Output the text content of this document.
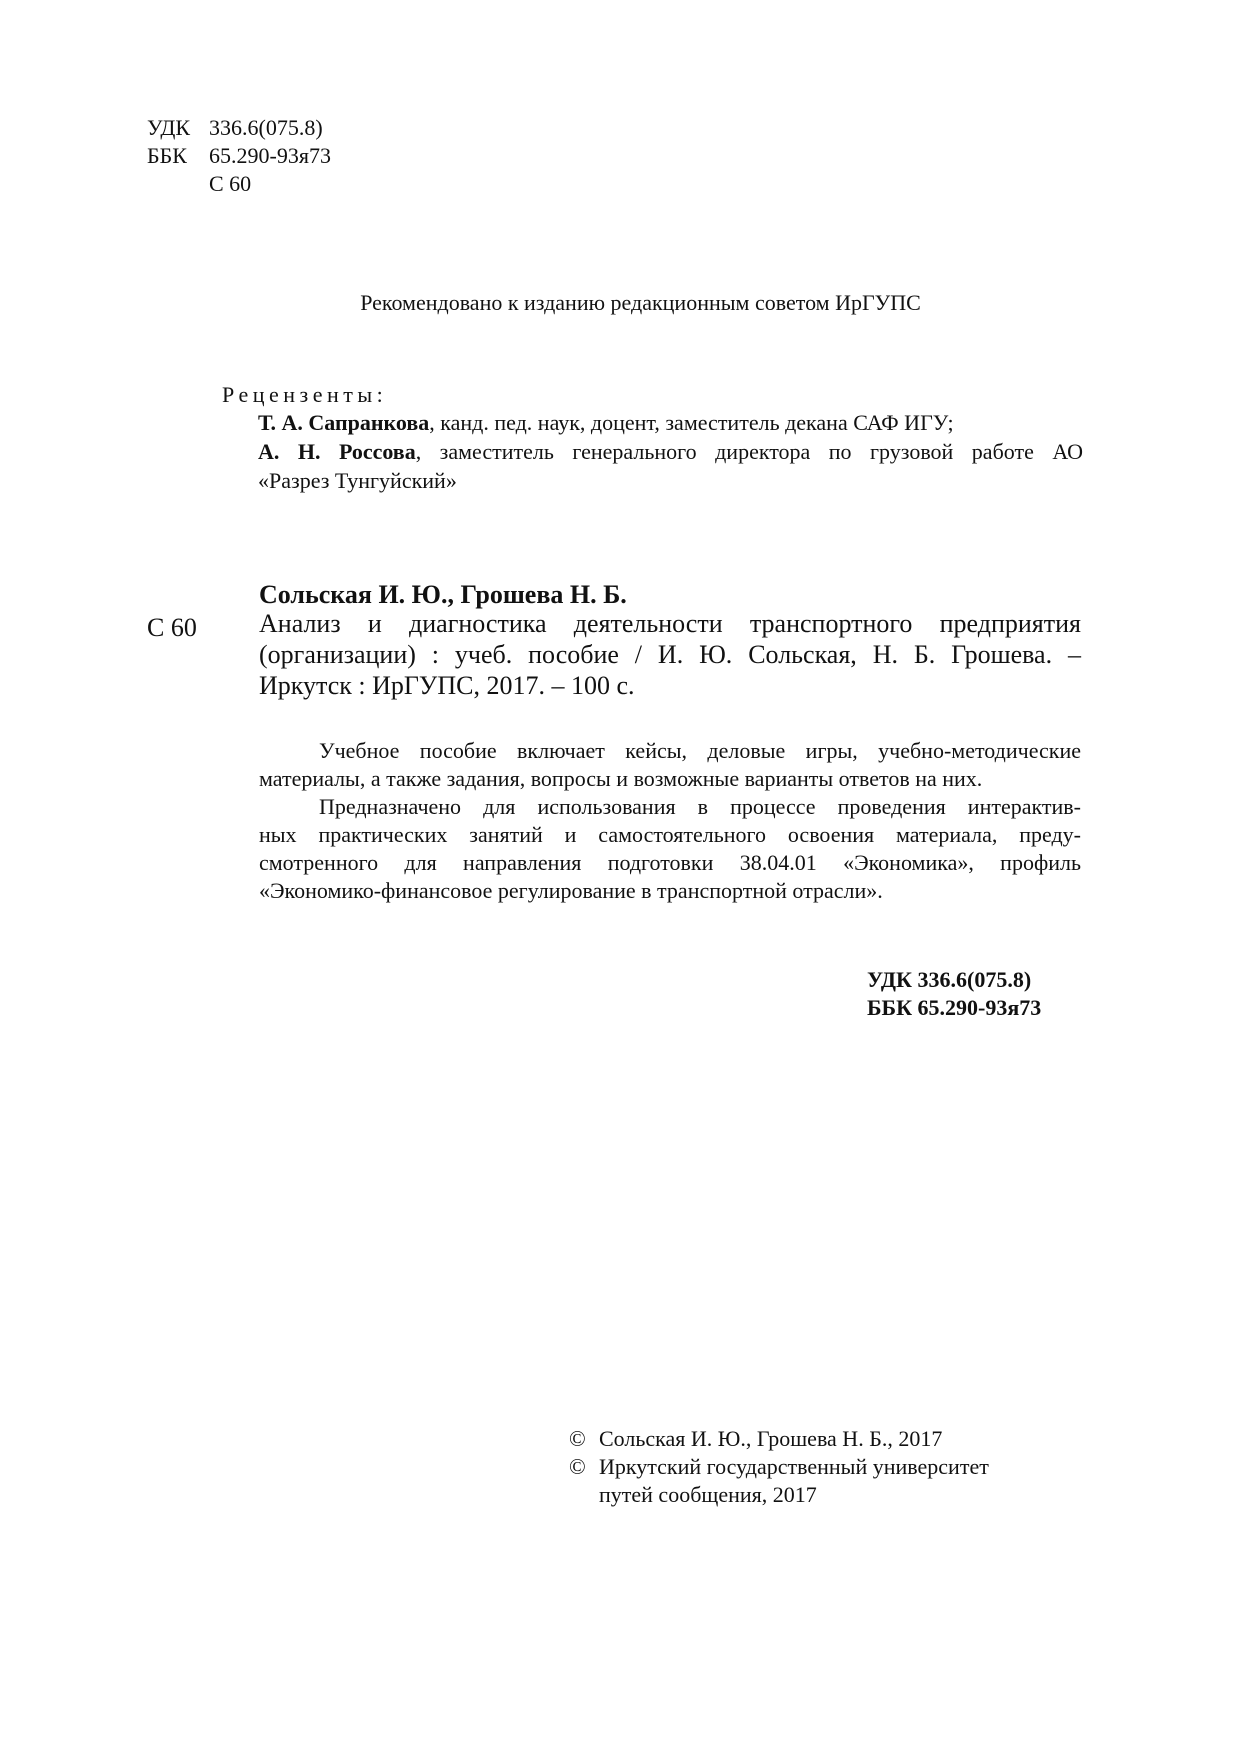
УДК 336.6(075.8)
ББК	65.290-93я73
С 60
Рекомендовано к изданию редакционным советом ИрГУПС
Рецензенты:
Т. А. Сапранкова, канд. пед. наук, доцент, заместитель декана САФ ИГУ;
А. Н. Россова, заместитель генерального директора по грузовой работе АО
«Разрез Тунгуйский»
Сольская И. Ю., Грошева Н. Б.
С 60 Анализ и диагностика деятельности транспортного предприятия
(организации) : учеб. пособие / И. Ю. Сольская, Н. Б. Грошева. –
Иркутск : ИрГУПС, 2017. – 100 с.
Учебное пособие включает кейсы, деловые игры, учебно-методические
материалы, а также задания, вопросы и возможные варианты ответов на них.
Предназначено для использования в процессе проведения интерактив-
ных практических занятий и самостоятельного освоения материала, преду-
смотренного для направления подготовки 38.04.01 «Экономика», профиль
«Экономико-финансовое регулирование в транспортной отрасли».
УДК 336.6(075.8)
ББК 65.290-93я73
© Сольская И. Ю., Грошева Н. Б., 2017
© Иркутский государственный университет
путей сообщения, 2017
